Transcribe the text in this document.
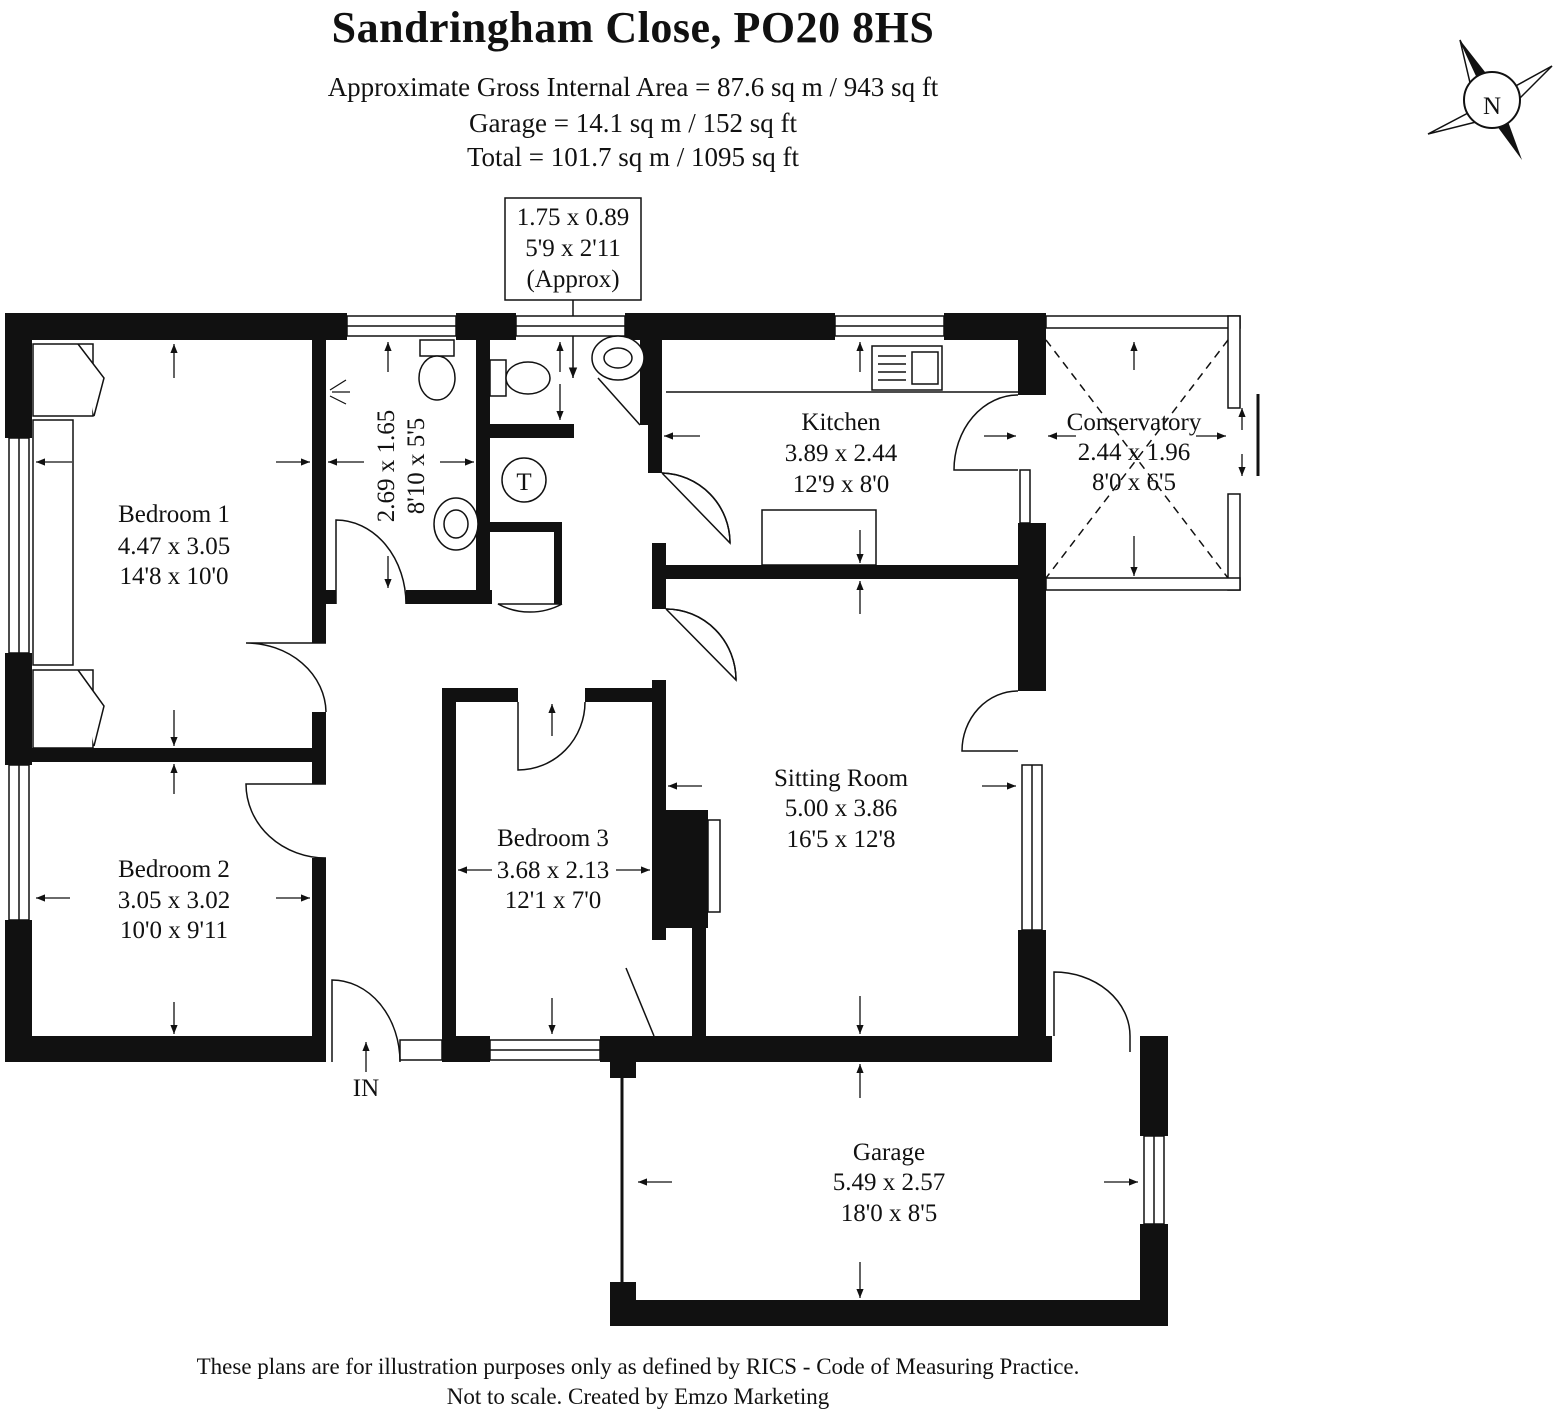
Sandringham Close, PO20 8HS
Approximate Gross Internal Area = 87.6 sq m / 943 sq ft
Garage = 14.1 sq m / 152 sq ft
Total = 101.7 sq m / 1095 sq ft
N
1.75 x 0.89
5'9 x 2'11
(Approx)
T
Bedroom 1
4.47 x 3.05
14'8 x 10'0
Bedroom 2
3.05 x 3.02
10'0 x 9'11
Bedroom 3
3.68 x 2.13
12'1 x 7'0
Kitchen
3.89 x 2.44
12'9 x 8'0
Conservatory
2.44 x 1.96
8'0 x 6'5
Sitting Room
5.00 x 3.86
16'5 x 12'8
Garage
5.49 x 2.57
18'0 x 8'5
2.69 x 1.65 8'10 x 5'5
IN
These plans are for illustration purposes only as defined by RICS - Code of Measuring Practice.
Not to scale. Created by Emzo Marketing
